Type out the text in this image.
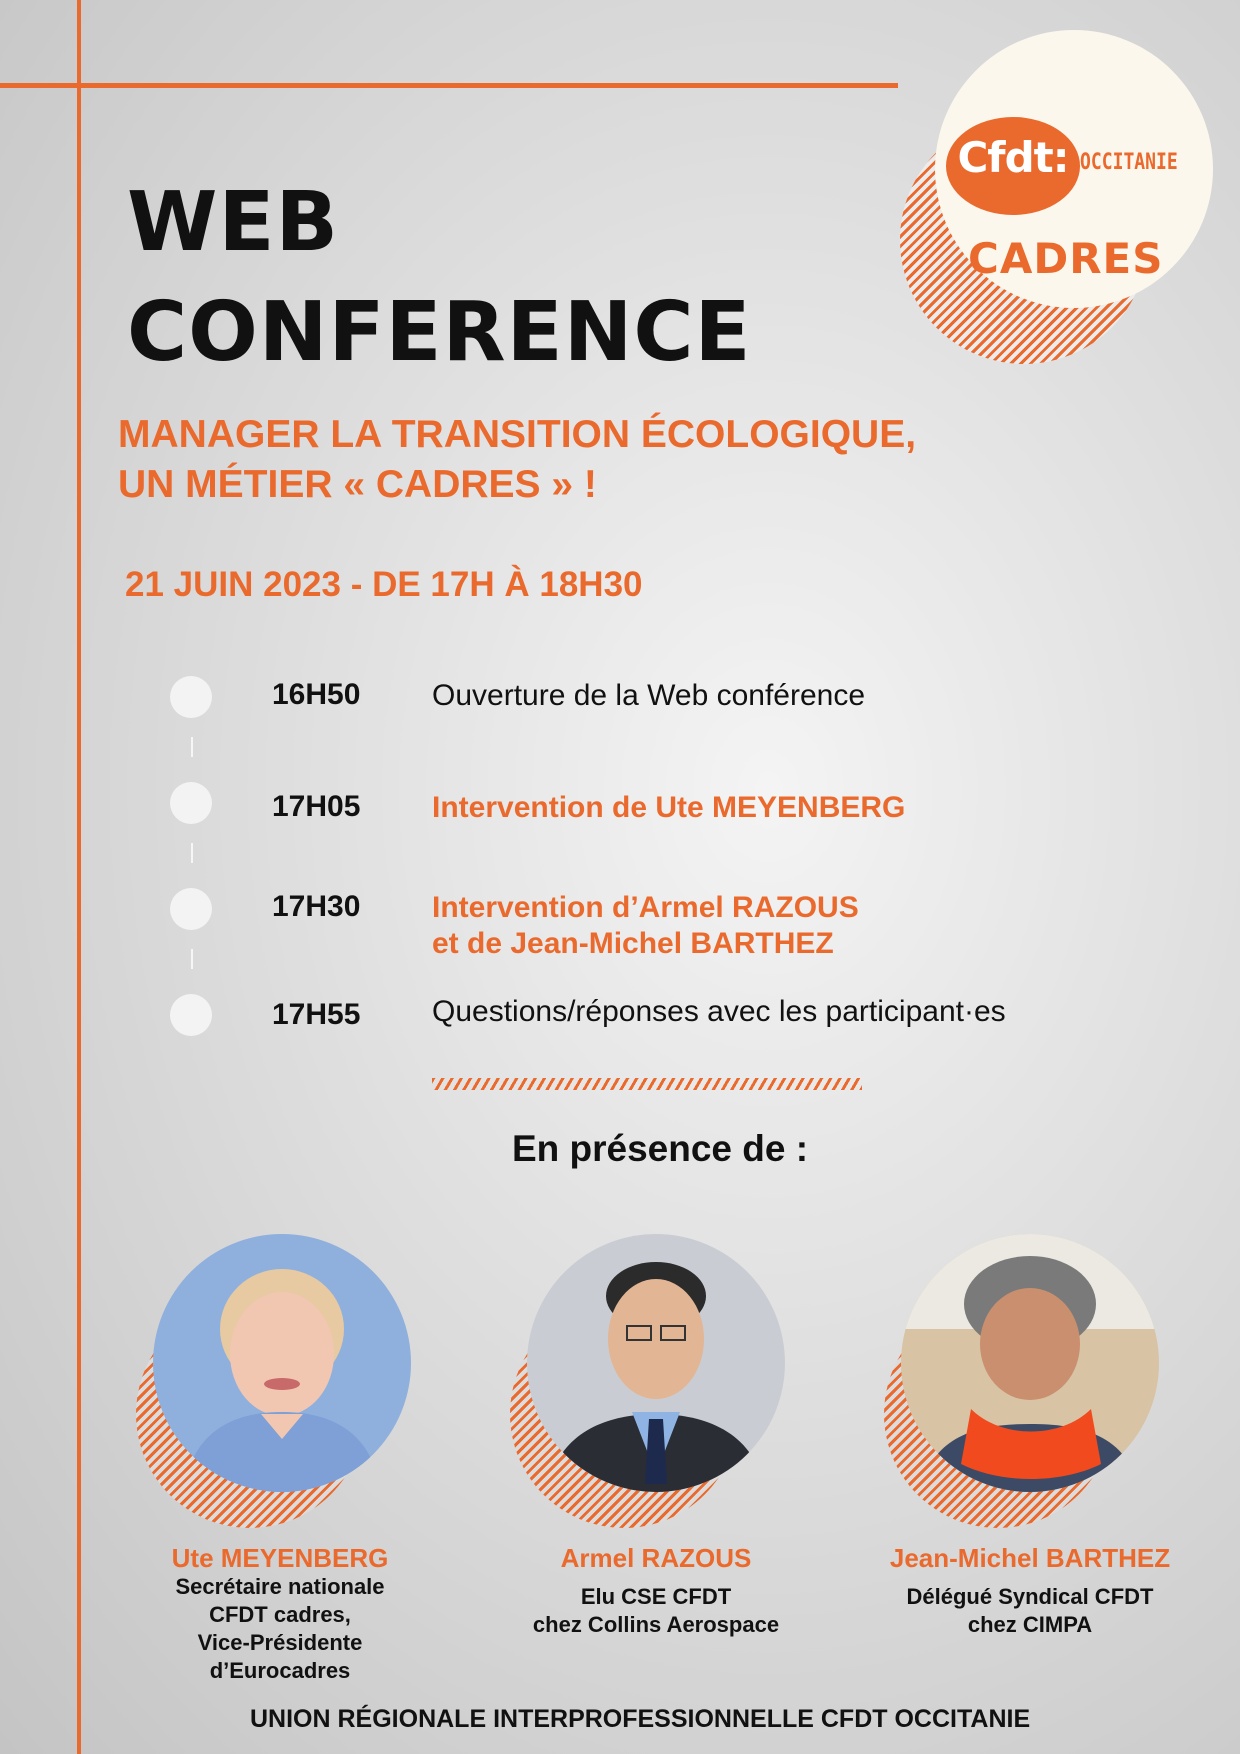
Cfdt: OCCITANIE
CADRES
WEB
CONFERENCE
MANAGER LA TRANSITION ÉCOLOGIQUE,
UN MÉTIER « CADRES » !
21 JUIN 2023 - DE 17H À 18H30
16H50 Ouverture de la Web conférence
17H05 Intervention de Ute MEYENBERG
17H30 Intervention d’Armel RAZOUS
et de Jean-Michel BARTHEZ
17H55 Questions/réponses avec les participant·es
En présence de :
Ute MEYENBERG
Secrétaire nationale
CFDT cadres,
Vice-Présidente
d’Eurocadres
Armel RAZOUS
Elu CSE CFDT
chez Collins Aerospace
Jean-Michel BARTHEZ
Délégué Syndical CFDT
chez CIMPA
UNION RÉGIONALE INTERPROFESSIONNELLE CFDT OCCITANIE
